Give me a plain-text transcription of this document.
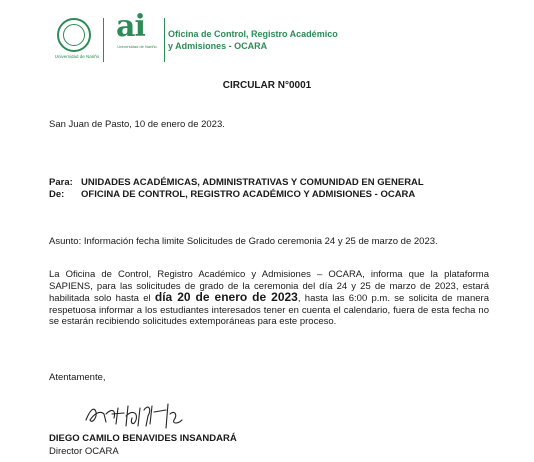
Universidad de Nariño
ai
Universidad de Nariño
Oficina de Control, Registro Académico
y Admisiones - OCARA
CIRCULAR N°0001
San Juan de Pasto, 10 de enero de 2023.
Para: UNIDADES ACADÉMICAS, ADMINISTRATIVAS Y COMUNIDAD EN GENERAL
De: OFICINA DE CONTROL, REGISTRO ACADÉMICO Y ADMISIONES - OCARA
Asunto: Información fecha limite Solicitudes de Grado ceremonia 24 y 25 de marzo de 2023.
La Oficina de Control, Registro Académico y Admisiones – OCARA, informa que la plataforma SAPIENS, para las solicitudes de grado de la ceremonia del día 24 y 25 de marzo de 2023, estará habilitada solo hasta el día 20 de enero de 2023, hasta las 6:00 p.m. se solicita de manera respetuosa informar a los estudiantes interesados tener en cuenta el calendario, fuera de esta fecha no se estarán recibiendo solicitudes extemporáneas para este proceso.
Atentamente,
DIEGO CAMILO BENAVIDES INSANDARÁ
Director OCARA
